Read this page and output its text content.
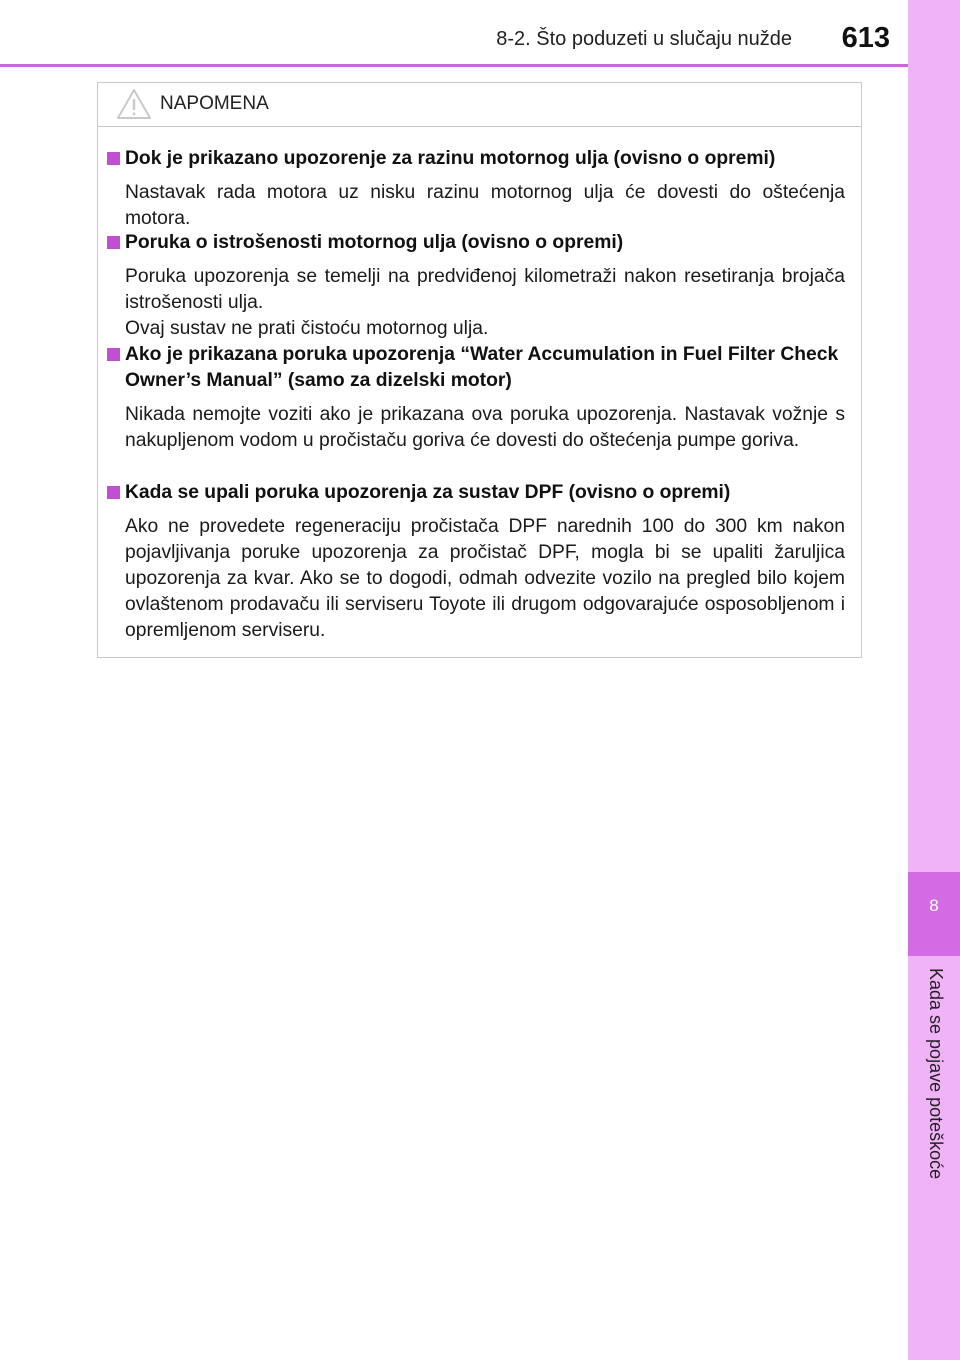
8
Kada se pojave poteškoće
8-2. Što poduzeti u slučaju nužde 613
NAPOMENA
Dok je prikazano upozorenje za razinu motornog ulja (ovisno o opremi)
Nastavak rada motora uz nisku razinu motornog ulja će dovesti do oštećenja motora.
Poruka o istrošenosti motornog ulja (ovisno o opremi)
Poruka upozorenja se temelji na predviđenoj kilometraži nakon resetiranja brojača istrošenosti ulja.
Ovaj sustav ne prati čistoću motornog ulja.
Ako je prikazana poruka upozorenja “Water Accumulation in Fuel Filter Check Owner’s Manual” (samo za dizelski motor)
Nikada nemojte voziti ako je prikazana ova poruka upozorenja. Nastavak vožnje s nakupljenom vodom u pročistaču goriva će dovesti do oštećenja pumpe goriva.
Kada se upali poruka upozorenja za sustav DPF (ovisno o opremi)
Ako ne provedete regeneraciju pročistača DPF narednih 100 do 300 km nakon pojavljivanja poruke upozorenja za pročistač DPF, mogla bi se upaliti žaruljica upozorenja za kvar. Ako se to dogodi, odmah odvezite vozilo na pregled bilo kojem ovlaštenom prodavaču ili serviseru Toyote ili drugom odgovarajuće osposobljenom i opremljenom serviseru.
